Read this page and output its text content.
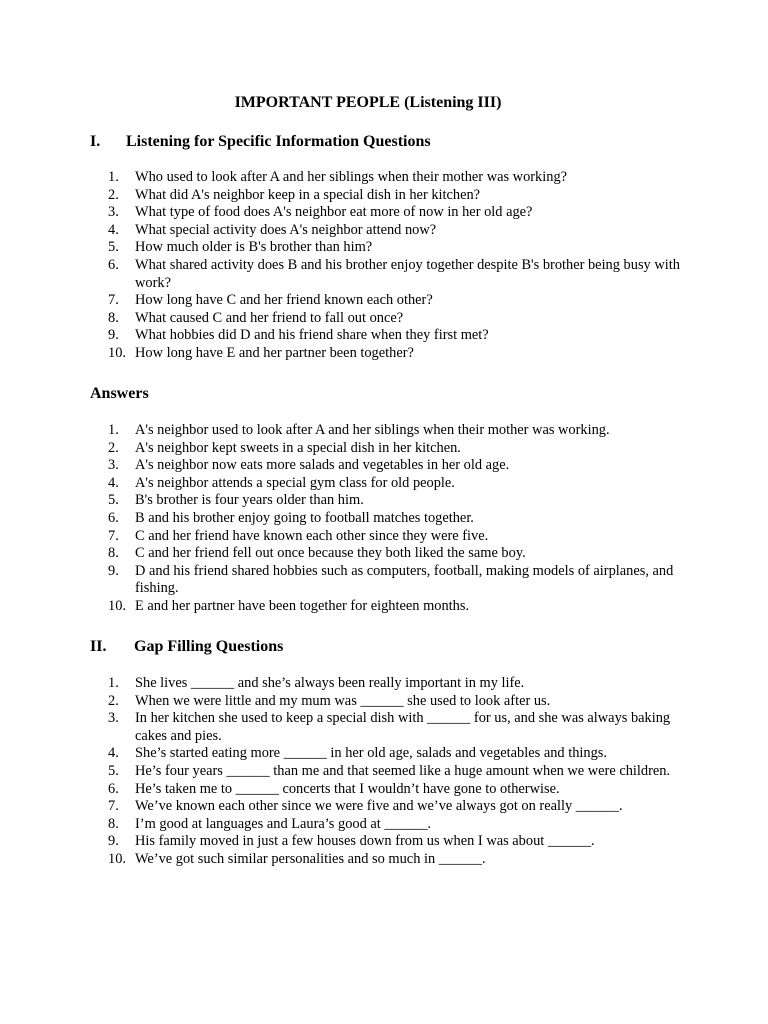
IMPORTANT PEOPLE (Listening III)
I. Listening for Specific Information Questions
1.	Who used to look after A and her siblings when their mother was working?
2.	What did A's neighbor keep in a special dish in her kitchen?
3.	What type of food does A's neighbor eat more of now in her old age?
4.	What special activity does A's neighbor attend now?
5.	How much older is B's brother than him?
6.	What shared activity does B and his brother enjoy together despite B's brother being busy with work?
7.	How long have C and her friend known each other?
8.	What caused C and her friend to fall out once?
9.	What hobbies did D and his friend share when they first met?
10. How long have E and her partner been together?
Answers
1.	A's neighbor used to look after A and her siblings when their mother was working.
2.	A's neighbor kept sweets in a special dish in her kitchen.
3.	A's neighbor now eats more salads and vegetables in her old age.
4.	A's neighbor attends a special gym class for old people.
5.	B's brother is four years older than him.
6.	B and his brother enjoy going to football matches together.
7.	C and her friend have known each other since they were five.
8.	C and her friend fell out once because they both liked the same boy.
9.	D and his friend shared hobbies such as computers, football, making models of airplanes, and fishing.
10. E and her partner have been together for eighteen months.
II. Gap Filling Questions
1.	She lives ______ and she’s always been really important in my life.
2.	When we were little and my mum was ______ she used to look after us.
3.	In her kitchen she used to keep a special dish with ______ for us, and she was always baking cakes and pies.
4.	She’s started eating more ______ in her old age, salads and vegetables and things.
5.	He’s four years ______ than me and that seemed like a huge amount when we were children.
6.	He’s taken me to ______ concerts that I wouldn’t have gone to otherwise.
7.	We’ve known each other since we were five and we’ve always got on really ______.
8.	I’m good at languages and Laura’s good at ______.
9.	His family moved in just a few houses down from us when I was about ______.
10. We’ve got such similar personalities and so much in ______.
